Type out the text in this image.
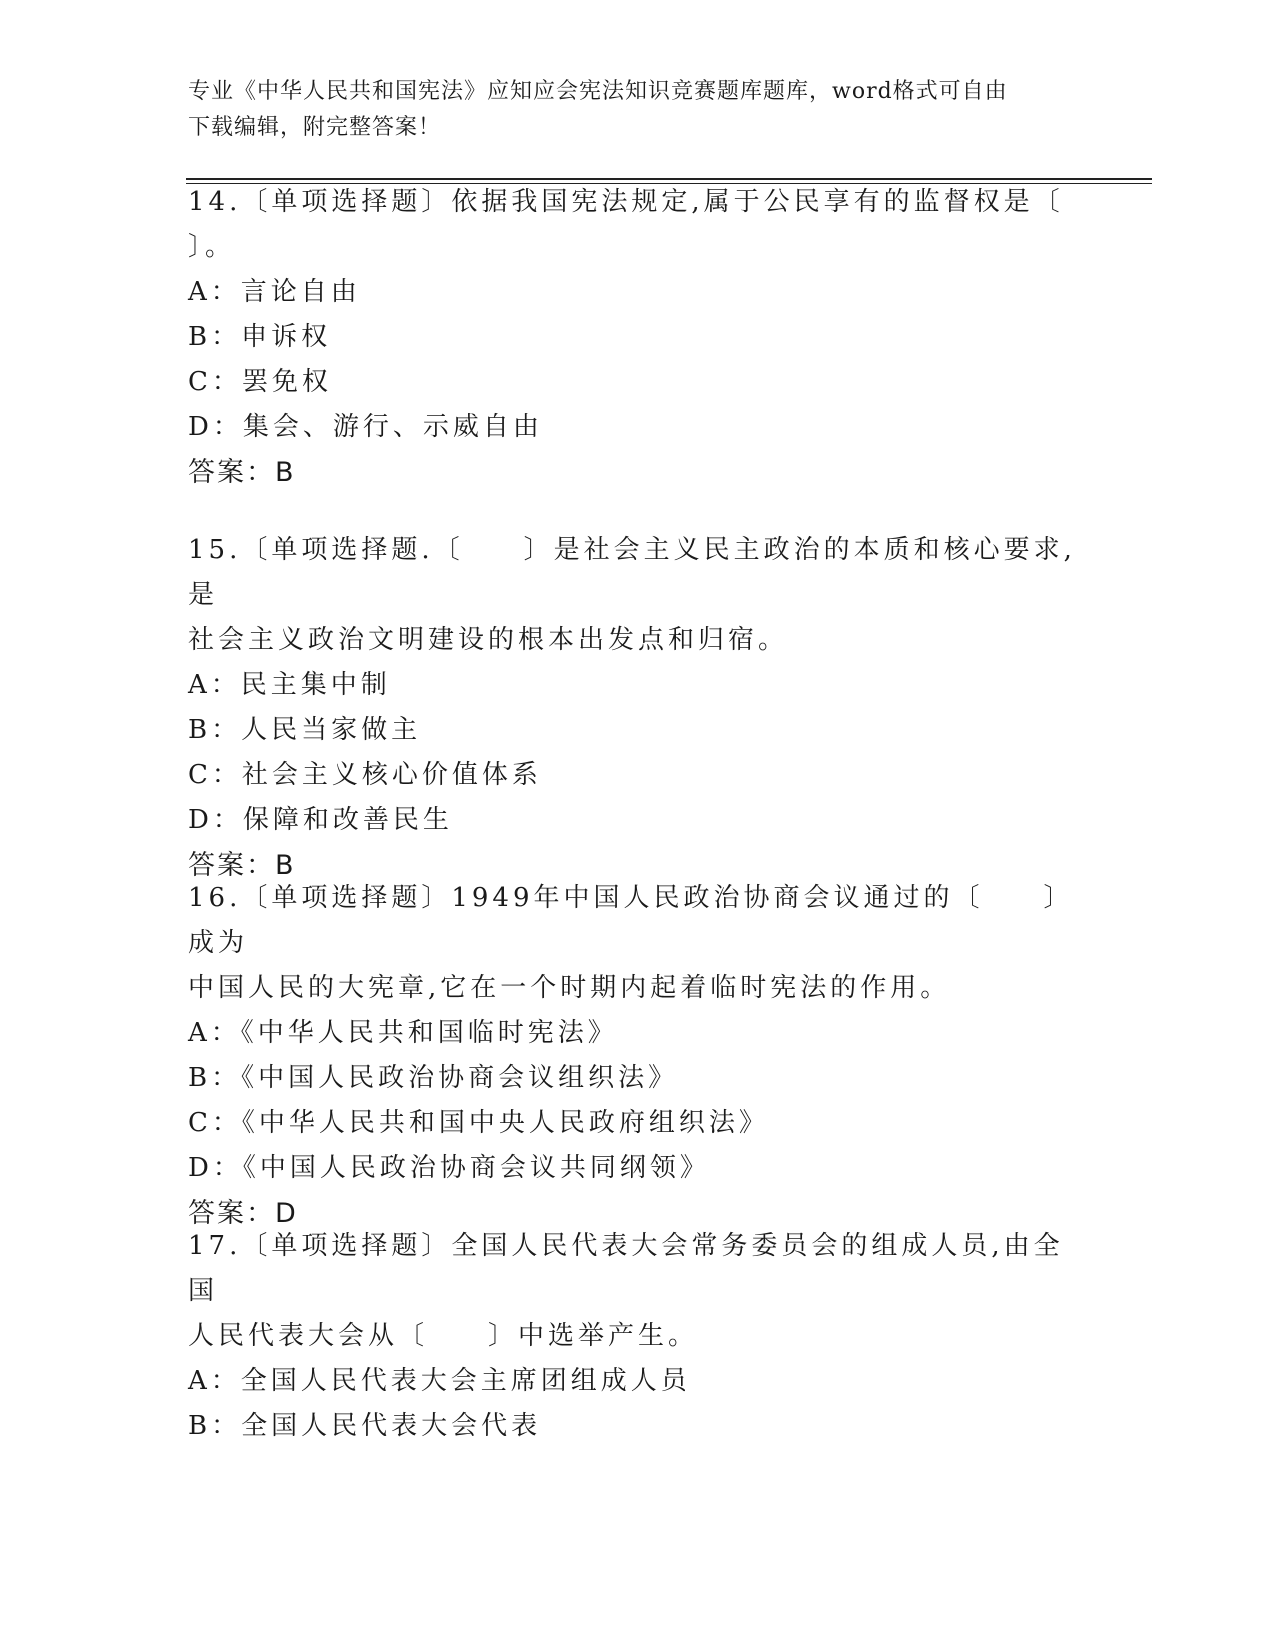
专业《中华人民共和国宪法》应知应会宪法知识竞赛题库题库，word格式可自由
下载编辑，附完整答案！

14.〔单项选择题〕依据我国宪法规定,属于公民享有的监督权是〔

〕。

A：言论自由

B：申诉权

C：罢免权

D：集会、游行、示威自由

答案：B

15.〔单项选择题.〔　　〕是社会主义民主政治的本质和核心要求,是

社会主义政治文明建设的根本出发点和归宿。

A：民主集中制

B：人民当家做主

C：社会主义核心价值体系

D：保障和改善民生

答案：B

16.〔单项选择题〕1949年中国人民政治协商会议通过的〔　　〕成为

中国人民的大宪章,它在一个时期内起着临时宪法的作用。

A：《中华人民共和国临时宪法》

B：《中国人民政治协商会议组织法》

C：《中华人民共和国中央人民政府组织法》

D：《中国人民政治协商会议共同纲领》

答案：D

17.〔单项选择题〕全国人民代表大会常务委员会的组成人员,由全国

人民代表大会从〔　　〕中选举产生。

A：全国人民代表大会主席团组成人员

B：全国人民代表大会代表
